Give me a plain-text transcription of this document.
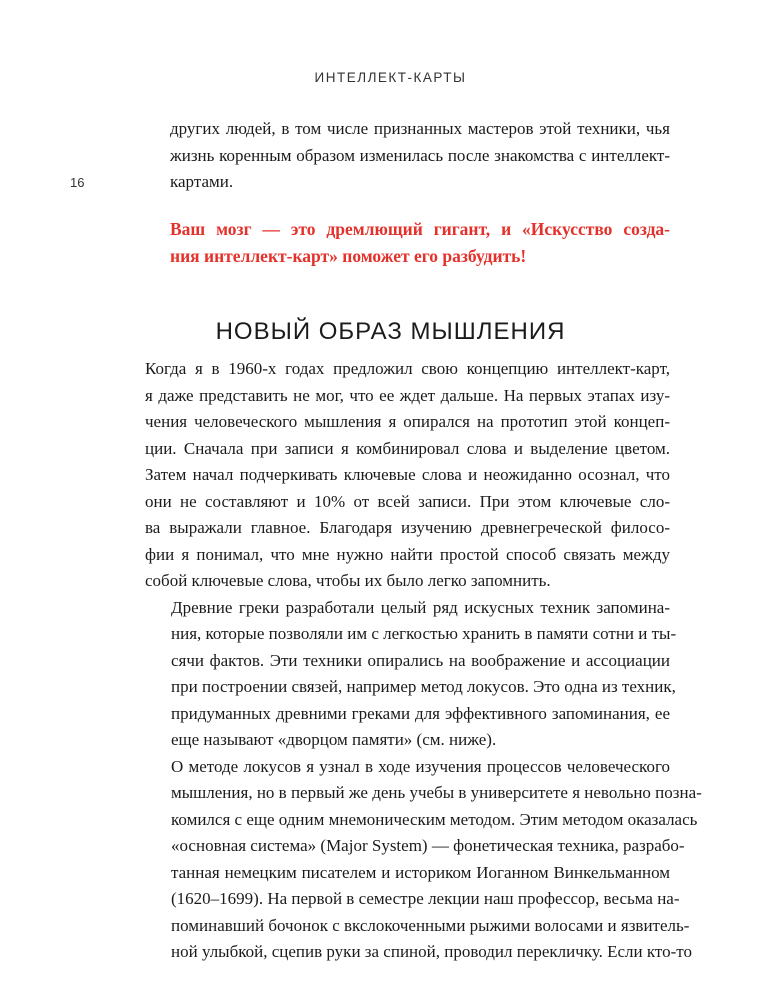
ИНТЕЛЛЕКТ-КАРТЫ
16

других людей, в том числе признанных мастеров этой техники, чья
жизнь коренным образом изменилась после знакомства с интеллект-
картами.

Ваш мозг — это дремлющий гигант, и «Искусство созда-
ния интеллект-карт» поможет его разбудить!

НОВЫЙ ОБРАЗ МЫШЛЕНИЯ

Когда я в 1960-х годах предложил свою концепцию интеллект-карт,
я даже представить не мог, что ее ждет дальше. На первых этапах изу-
чения человеческого мышления я опирался на прототип этой концеп-
ции. Сначала при записи я комбинировал слова и выделение цветом.
Затем начал подчеркивать ключевые слова и неожиданно осознал, что
они не составляют и 10% от всей записи. При этом ключевые сло-
ва выражали главное. Благодаря изучению древнегреческой филосо-
фии я понимал, что мне нужно найти простой способ связать между
собой ключевые слова, чтобы их было легко запомнить.

Древние греки разработали целый ряд искусных техник запомина-
ния, которые позволяли им с легкостью хранить в памяти сотни и ты-
сячи фактов. Эти техники опирались на воображение и ассоциации
при построении связей, например метод локусов. Это одна из техник,
придуманных древними греками для эффективного запоминания, ее
еще называют «дворцом памяти» (см. ниже).

О методе локусов я узнал в ходе изучения процессов человеческого
мышления, но в первый же день учебы в университете я невольно позна-
комился с еще одним мнемоническим методом. Этим методом оказалась
«основная система» (Major System) — фонетическая техника, разрабо-
танная немецким писателем и историком Иоганном Винкельманном
(1620–1699). На первой в семестре лекции наш профессор, весьма на-
поминавший бочонок с вкслокоченными рыжими волосами и язвитель-
ной улыбкой, сцепив руки за спиной, проводил перекличку. Если кто-то
